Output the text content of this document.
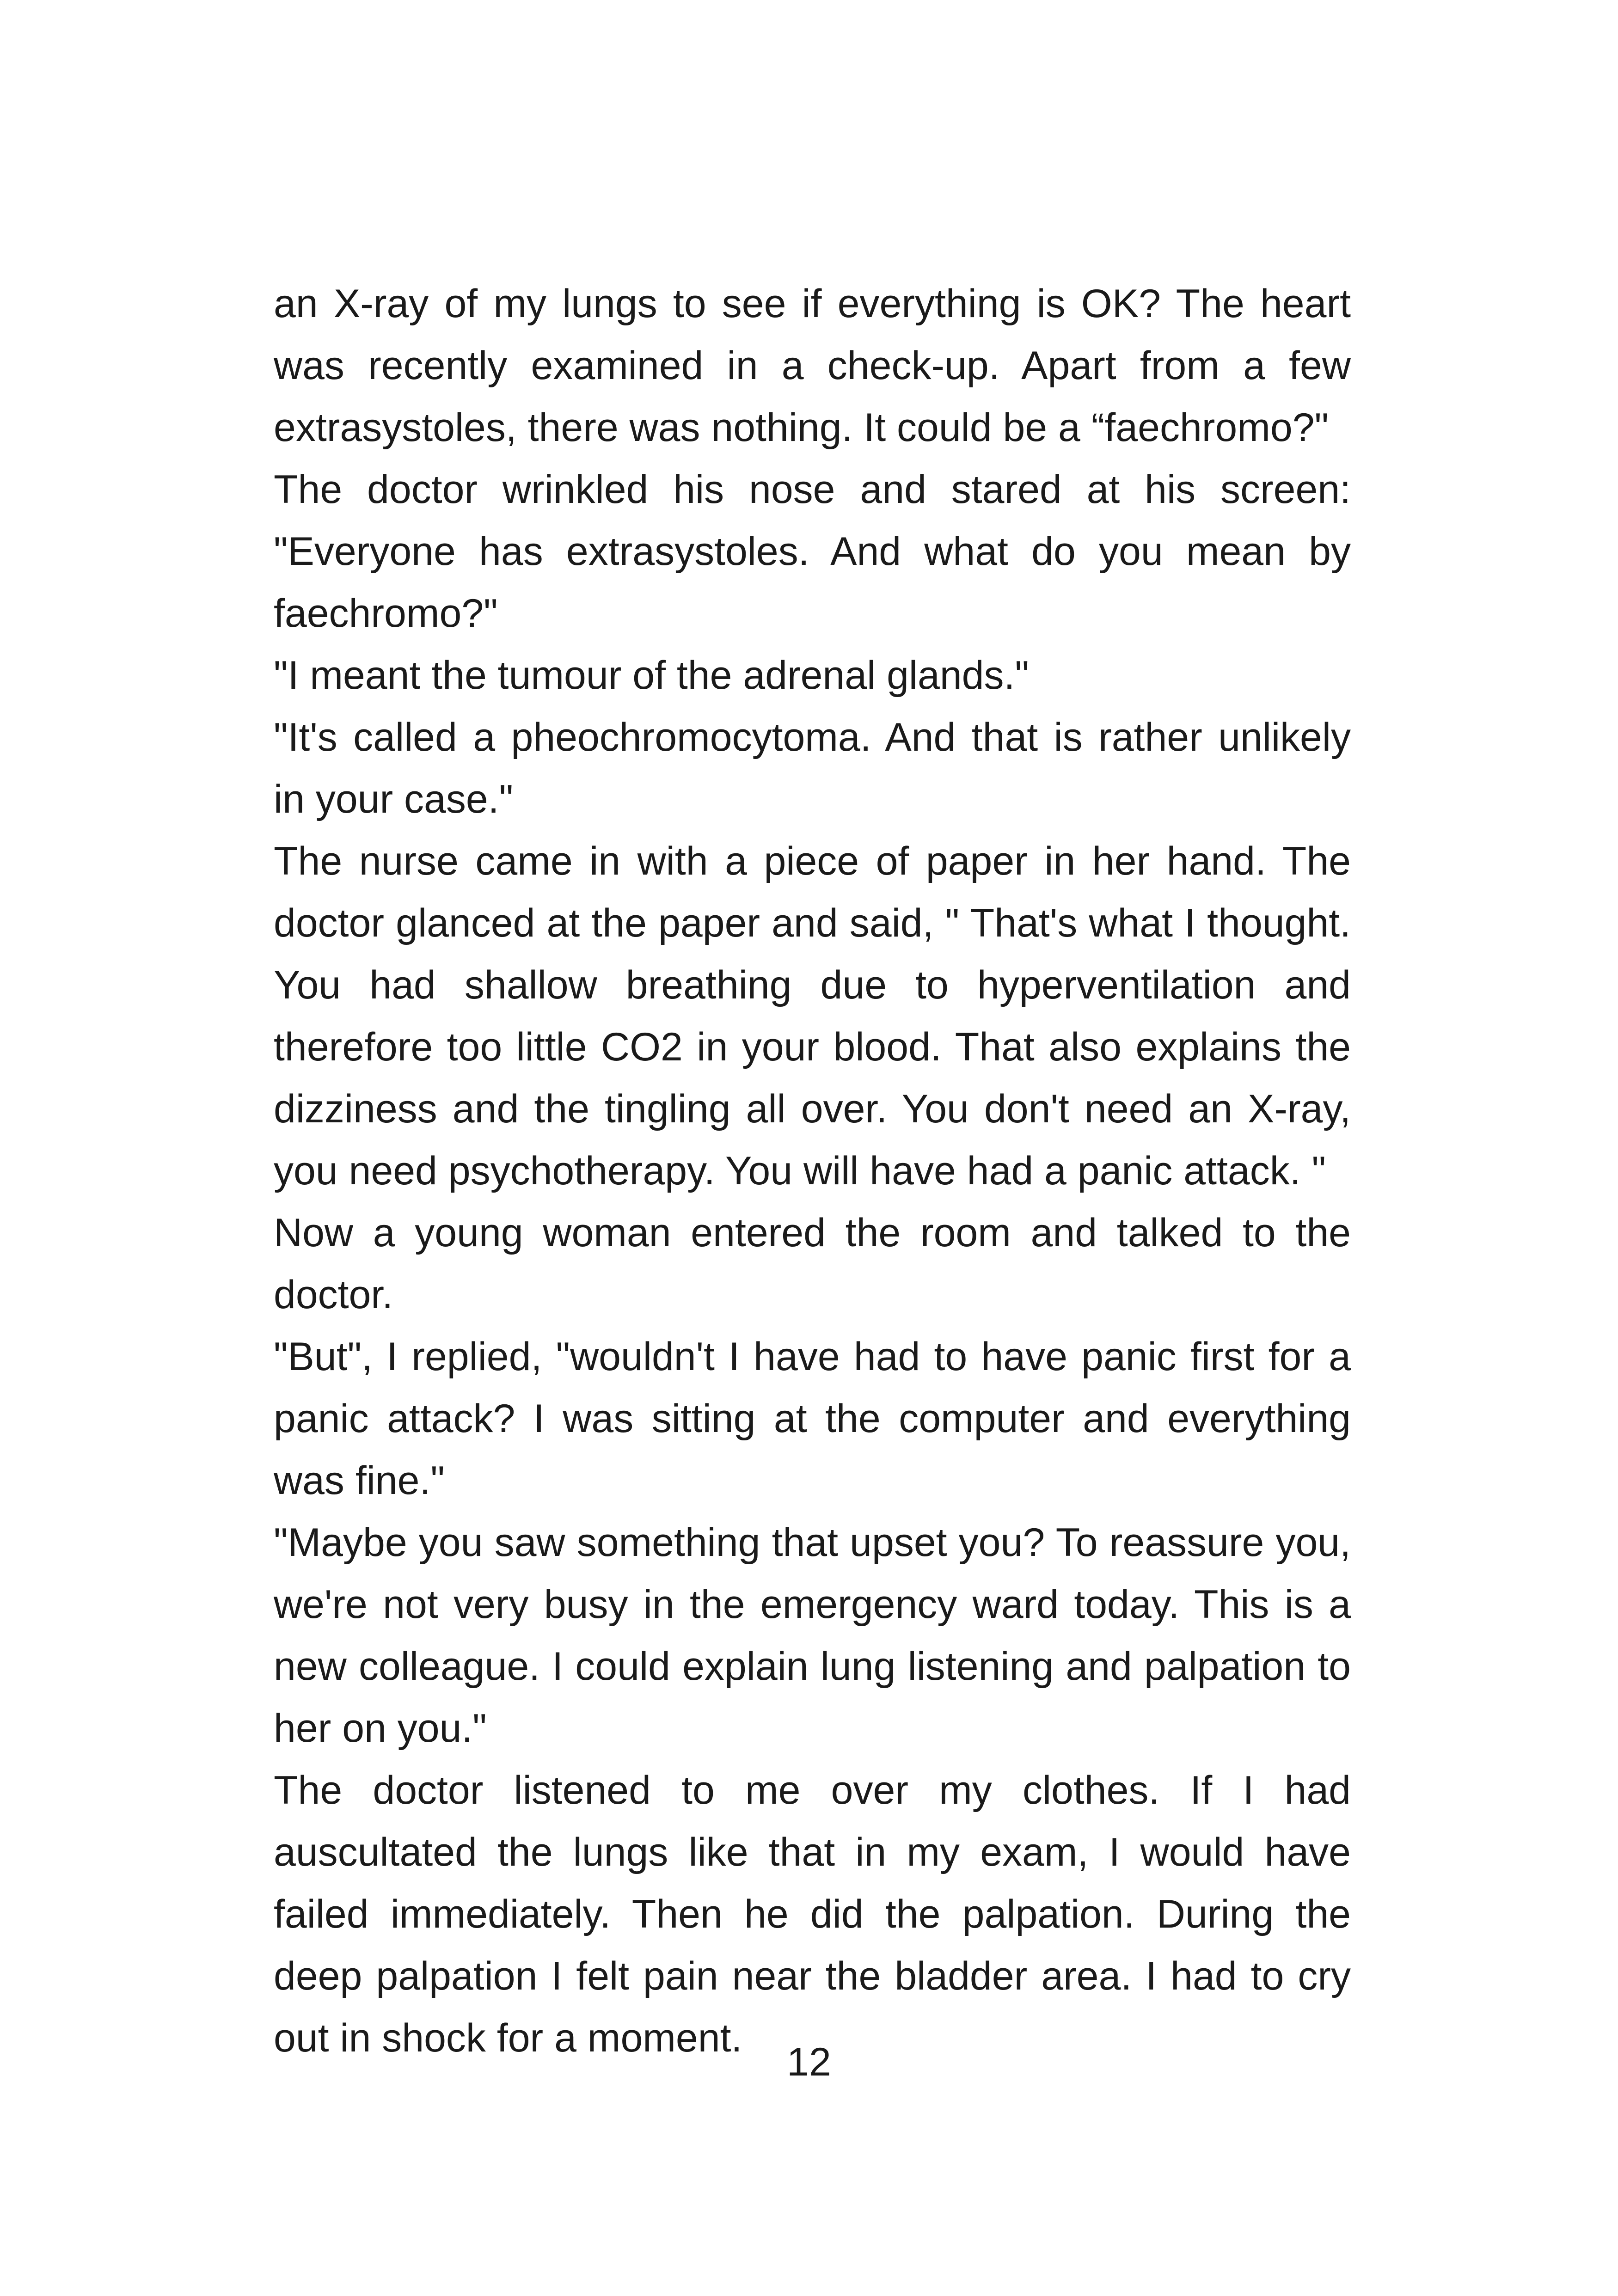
an X-ray of my lungs to see if everything is OK? The heart was recently examined in a check-up. Apart from a few extrasystoles, there was nothing. It could be a “faechromo?"

The doctor wrinkled his nose and stared at his screen: "Everyone has extrasystoles. And what do you mean by faechromo?"

"I meant the tumour of the adrenal glands."

"It's called a pheochromocytoma. And that is rather unlikely in your case."

The nurse came in with a piece of paper in her hand. The doctor glanced at the paper and said, " That's what I thought. You had shallow breathing due to hyperventilation and therefore too little CO2 in your blood. That also explains the dizziness and the tingling all over. You don't need an X-ray, you need psychotherapy. You will have had a panic attack. "

Now a young woman entered the room and talked to the doctor.

"But", I replied, "wouldn't I have had to have panic first for a panic attack? I was sitting at the computer and everything was fine."

"Maybe you saw something that upset you? To reassure you, we're not very busy in the emergency ward today. This is a new colleague. I could explain lung listening and palpation to her on you."

The doctor listened to me over my clothes. If I had auscultated the lungs like that in my exam, I would have failed immediately. Then he did the palpation. During the deep palpation I felt pain near the bladder area. I had to cry out in shock for a moment.

12
